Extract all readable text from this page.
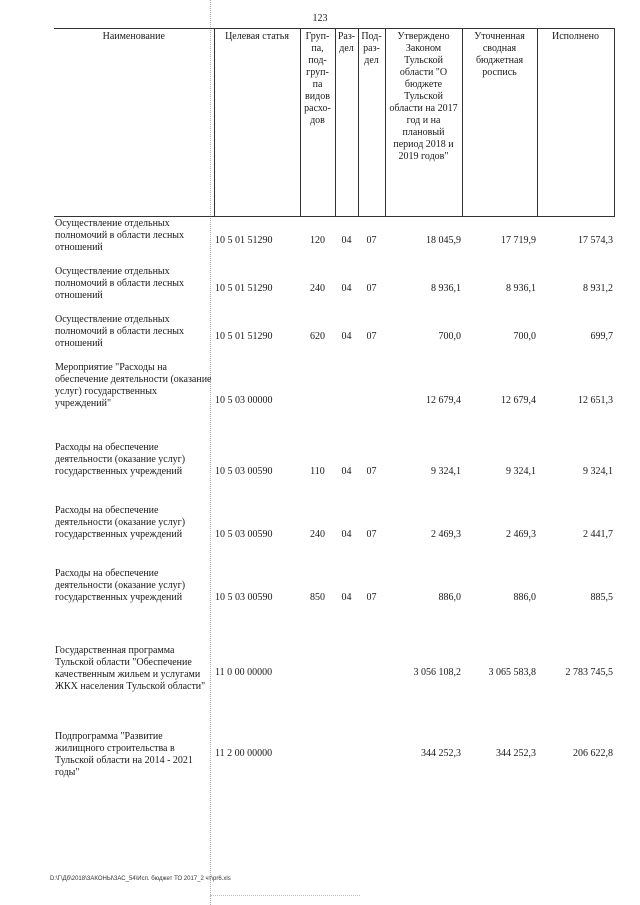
123
Наименование	Целевая статья	Груп-па, под-груп-па видов расхо-дов	Раз-дел	Под-раз-дел	Утверждено Законом Тульской области "О бюджете Тульской области на 2017 год и на плановый период 2018 и 2019 годов"	Уточненная сводная бюджетная роспись	Исполнено
Осуществление отдельных полномочий в области лесных отношений	10 5 01 51290	120	04	07	18 045,9	17 719,9	17 574,3
Осуществление отдельных полномочий в области лесных отношений	10 5 01 51290	240	04	07	8 936,1	8 936,1	8 931,2
Осуществление отдельных полномочий в области лесных отношений	10 5 01 51290	620	04	07	700,0	700,0	699,7
Мероприятие "Расходы на обеспечение деятельности (оказание услуг) государственных учреждений"	10 5 03 00000				12 679,4	12 679,4	12 651,3
Расходы на обеспечение деятельности (оказание услуг) государственных учреждений	10 5 03 00590	110	04	07	9 324,1	9 324,1	9 324,1
Расходы на обеспечение деятельности (оказание услуг) государственных учреждений	10 5 03 00590	240	04	07	2 469,3	2 469,3	2 441,7
Расходы на обеспечение деятельности (оказание услуг) государственных учреждений	10 5 03 00590	850	04	07	886,0	886,0	885,5
Государственная программа Тульской области "Обеспечение качественным жильем и услугами ЖКХ населения Тульской области"	11 0 00 00000				3 056 108,2	3 065 583,8	2 783 745,5
Подпрограмма "Развитие жилищного строительства в Тульской области на 2014 - 2021 годы"	11 2 00 00000				344 252,3	344 252,3	206 622,8
D:\Г\Дб\2018\ЗАКОНЫ\ЗАС_54\Исп. бюджет ТО 2017_2 чт\pr6.xls
